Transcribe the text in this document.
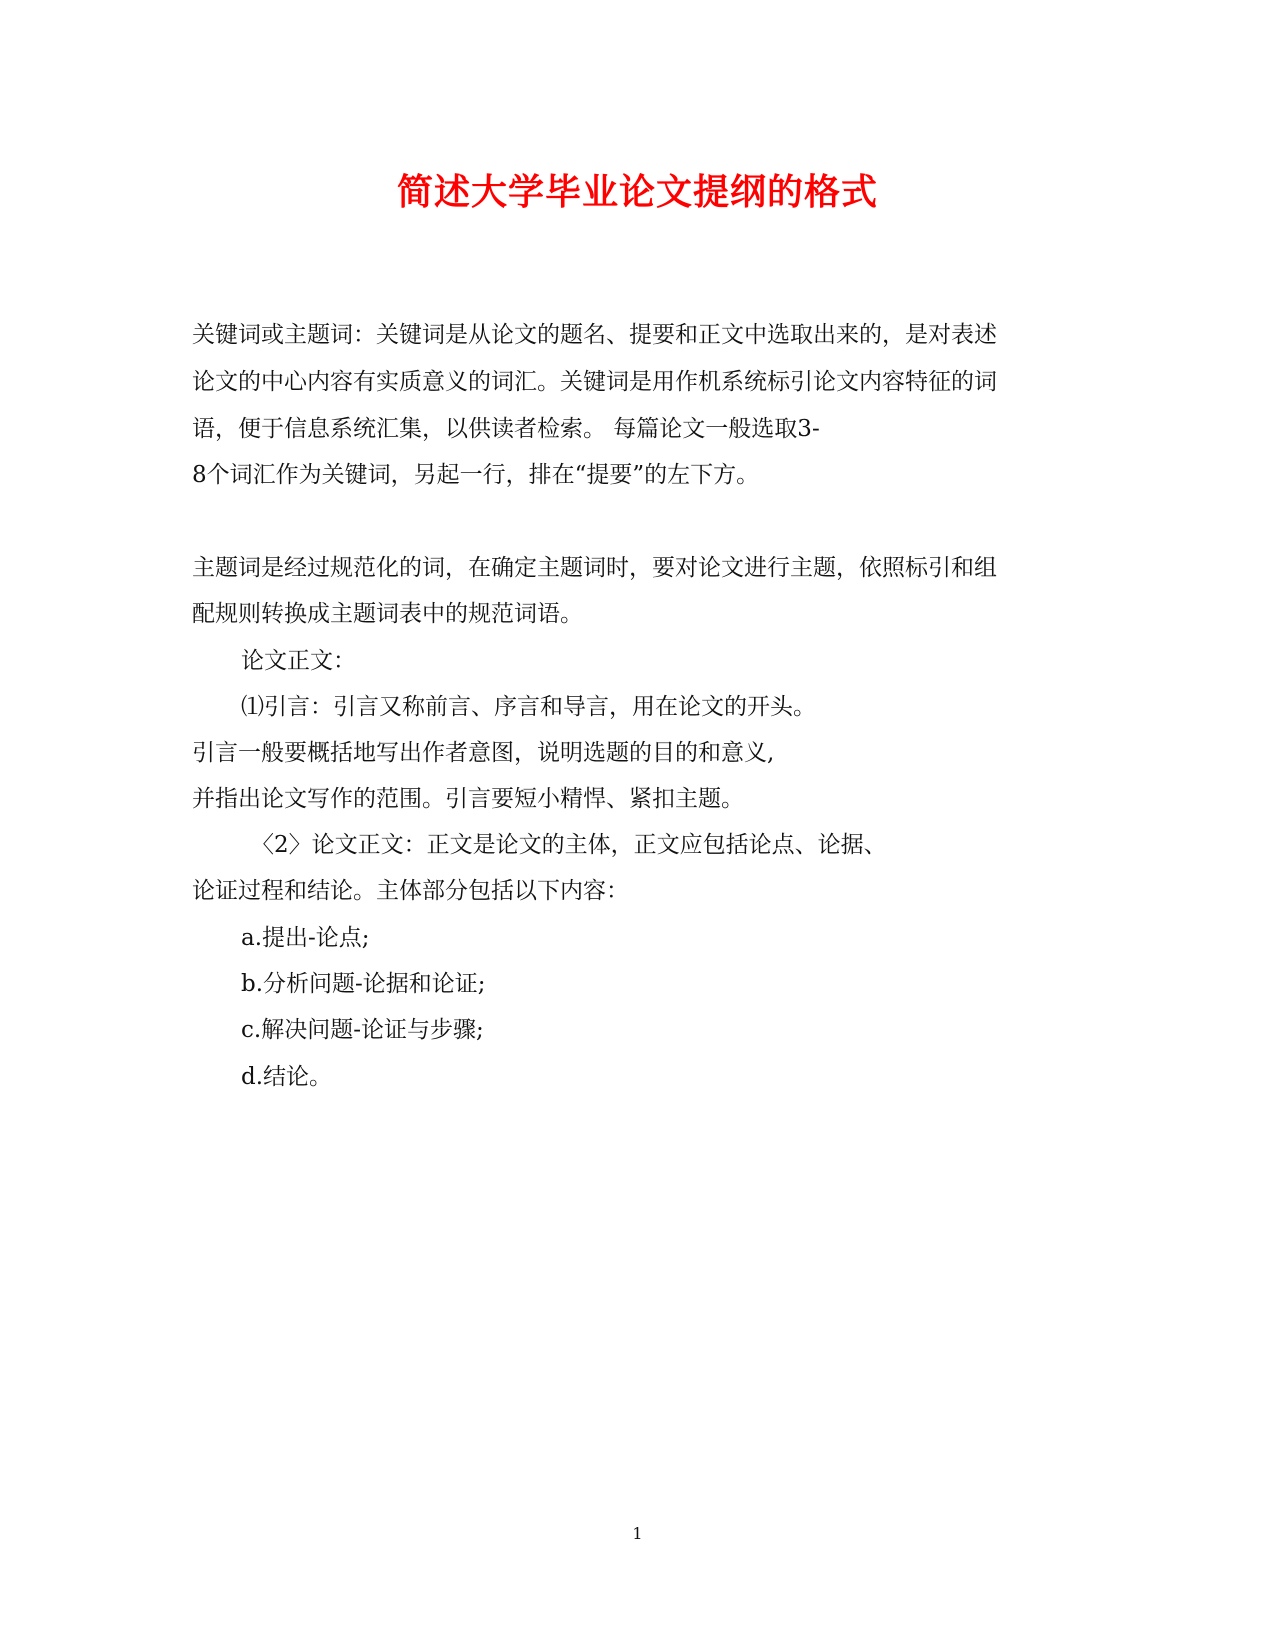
简述大学毕业论文提纲的格式
关键词或主题词：关键词是从论文的题名、提要和正文中选取出来的，是对表述
论文的中心内容有实质意义的词汇。关键词是用作机系统标引论文内容特征的词
语，便于信息系统汇集，以供读者检索。 每篇论文一般选取3-
8个词汇作为关键词，另起一行，排在“提要”的左下方。
主题词是经过规范化的词，在确定主题词时，要对论文进行主题，依照标引和组
配规则转换成主题词表中的规范词语。
论文正文：
⑴引言：引言又称前言、序言和导言，用在论文的开头。
引言一般要概括地写出作者意图，说明选题的目的和意义,
并指出论文写作的范围。引言要短小精悍、紧扣主题。
〈2〉论文正文：正文是论文的主体，正文应包括论点、论据、
论证过程和结论。主体部分包括以下内容：
a.提出-论点;
b.分析问题-论据和论证;
c.解决问题-论证与步骤;
d.结论。
1
